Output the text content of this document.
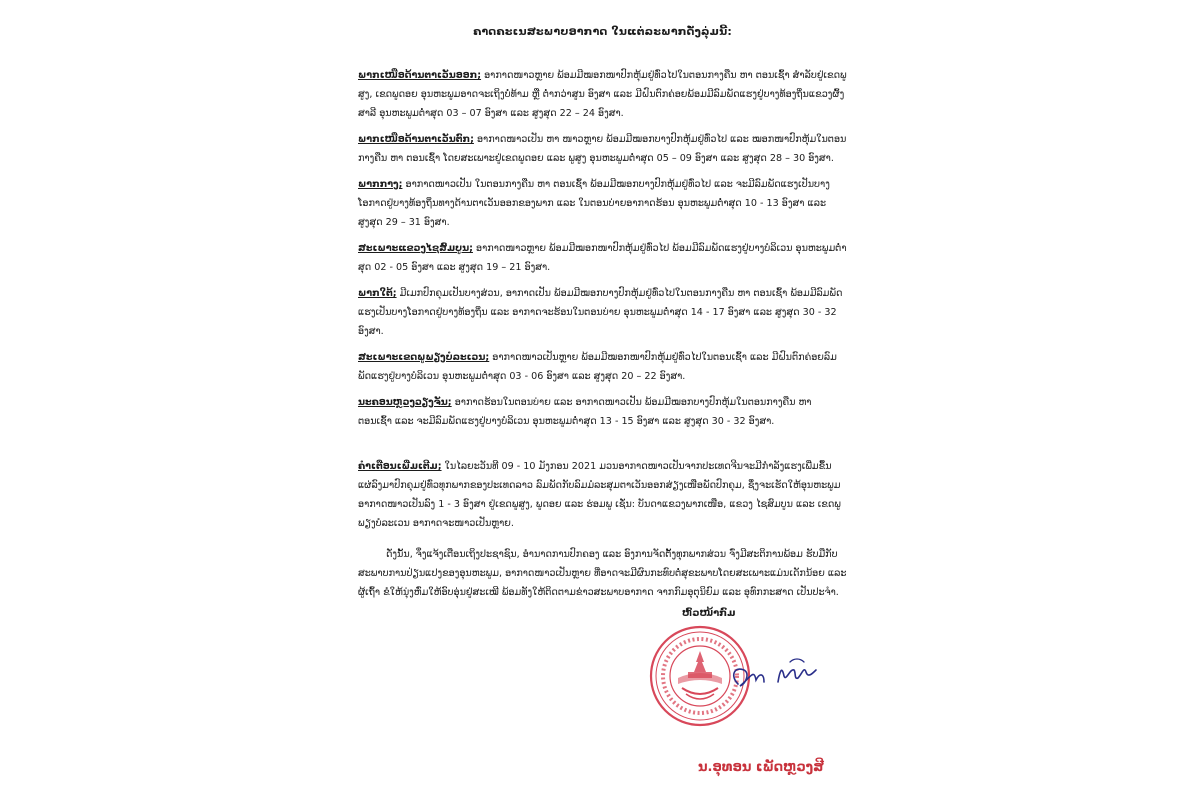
ຄາດຄະເນສະພາບອາກາດ ໃນແຕ່ລະພາກດັ່ງລຸ່ມນີ້:
ພາກເໜືອດ້ານຕາເວັນອອກ; ອາກາດໜາວຫຼາຍ ພ້ອມມີໝອກໜາປົກຫຸ້ມຢູ່ທົ່ວໄປໃນຕອນກາງຄືນ ຫາ ຕອນເຊົ້າ ສຳລັບຢູ່ເຂດພູສູງ, ເຂດພູດອຍ ອຸນຫະພູມອາດຈະເຖິງບໍ່ທ້າມ ຫຼື ຕໍ່າກວ່າສູນ ອົງສາ ແລະ ມີຝົນຕົກຄ່ອຍພ້ອມມີລົມພັດແຮງຢູ່ບາງທ້ອງຖິ່ນແຂວງຜົ້ງສາລີ ອຸນຫະພູມຕໍ່າສຸດ 03 – 07 ອົງສາ ແລະ ສູງສຸດ 22 – 24 ອົງສາ.
ພາກເໜືອດ້ານຕາເວັນຕົກ; ອາກາດໜາວເປັນ ຫາ ໜາວຫຼາຍ ພ້ອມມີໝອກບາງປົກຫຸ້ມຢູ່ທົ່ວໄປ ແລະ ໝອກໜາປົກຫຸ້ມໃນຕອນກາງຄືນ ຫາ ຕອນເຊົ້າ ໂດຍສະເພາະຢູ່ເຂດພູດອຍ ແລະ ພູສູງ ອຸນຫະພູມຕໍ່າສຸດ 05 – 09 ອົງສາ ແລະ ສູງສຸດ 28 – 30 ອົງສາ.
ພາກກາງ; ອາກາດໜາວເປັນ ໃນຕອນກາງຄືນ ຫາ ຕອນເຊົ້າ ພ້ອມມີໝອກບາງປົກຫຸ້ມຢູ່ທົ່ວໄປ ແລະ ຈະມີລົມພັດແຮງເປັນບາງໂອກາດຢູ່ບາງທ້ອງຖິ່ນທາງດ້ານຕາເວັນອອກຂອງພາກ ແລະ ໃນຕອນບ່າຍອາກາດຮ້ອນ ອຸນຫະພູມຕໍ່າສຸດ 10 - 13 ອົງສາ ແລະ ສູງສຸດ 29 – 31 ອົງສາ.
ສະເພາະແຂວງໄຊສົມບູນ; ອາກາດໜາວຫຼາຍ ພ້ອມມີໝອກໜາປົກຫຸ້ມຢູ່ທົ່ວໄປ ພ້ອມມີລົມພັດແຮງຢູ່ບາງບໍລິເວນ ອຸນຫະພູມຕໍ່າສຸດ 02 - 05 ອົງສາ ແລະ ສູງສຸດ 19 – 21 ອົງສາ.
ພາກໃຕ້; ມີເມກປົກຄຸມເປັນບາງສ່ວນ, ອາກາດເປັນ ພ້ອມມີໝອກບາງປົກຫຸ້ມຢູ່ທົ່ວໄປໃນຕອນກາງຄືນ ຫາ ຕອນເຊົ້າ ພ້ອມມີລົມພັດແຮງເປັນບາງໂອກາດຢູ່ບາງທ້ອງຖິ່ນ ແລະ ອາກາດຈະຮ້ອນໃນຕອນບ່າຍ ອຸນຫະພູມຕໍ່າສຸດ 14 - 17 ອົງສາ ແລະ ສູງສຸດ 30 - 32 ອົງສາ.
ສະເພາະເຂດພູພຽງບໍລະເວນ; ອາກາດໜາວເປັນຫຼາຍ ພ້ອມມີໝອກໜາປົກຫຸ້ມຢູ່ທົ່ວໄປໃນຕອນເຊົ້າ ແລະ ມີຝົນຕົກຄ່ອຍລົມພັດແຮງຢູ່ບາງບໍລິເວນ ອຸນຫະພູມຕໍ່າສຸດ 03 - 06 ອົງສາ ແລະ ສູງສຸດ 20 – 22 ອົງສາ.
ນະຄອນຫຼວງວຽງຈັນ; ອາກາດຮ້ອນໃນຕອນບ່າຍ ແລະ ອາກາດໜາວເປັນ ພ້ອມມີໝອກບາງປົກຫຸ້ມໃນຕອນກາງຄືນ ຫາ ຕອນເຊົ້າ ແລະ ຈະມີລົມພັດແຮງຢູ່ບາງບໍລິເວນ ອຸນຫະພູມຕໍ່າສຸດ 13 - 15 ອົງສາ ແລະ ສູງສຸດ 30 - 32 ອົງສາ.
ຄຳເຕືອນເພີ່ມເຕີມ; ໃນໄລຍະວັນທີ 09 - 10 ມັງກອນ 2021 ມວນອາກາດໜາວເປັນຈາກປະເທດຈີນຈະມີກຳລັງແຮງເພີ່ມຂຶ້ນ ແຜ່ລົງມາປົກຄຸມຢູ່ທົ່ວທຸກພາກຂອງປະເທດລາວ ລົມພັດກັບລົມມໍລະສຸມຕາເວັນອອກສ່ຽງເໜືອພັດປົກຄຸມ, ຊຶ່ງຈະເຮັດໃຫ້ອຸນຫະພູມອາກາດໜາວເປັນລົງ 1 - 3 ອົງສາ ຢູ່ເຂດພູສູງ, ພູດອຍ ແລະ ຮ່ອມພູ ເຊັ່ນ: ບັນດາແຂວງພາກເໜືອ, ແຂວງ ໄຊສົມບູນ ແລະ ເຂດພູພຽງບໍລະເວນ ອາກາດຈະໜາວເປັນຫຼາຍ.
ດັ່ງນັ້ນ, ຈຶ່ງແຈ້ງເຕືອນເຖິງປະຊາຊົນ, ອຳນາດການປົກຄອງ ແລະ ອົງການຈັດຕັ້ງທຸກພາກສ່ວນ ຈົ່ງມີສະຕິການພ້ອມ ຮັບມືກັບສະພາບການປ່ຽນແປງຂອງອຸນຫະພູມ, ອາກາດໜາວເປັນຫຼາຍ ທີ່ອາດຈະມີຜົນກະທົບຕໍ່ສຸຂະພາບໂດຍສະເພາະແມ່ນເດັກນ້ອຍ ແລະ ຜູ້ເຖົ້າ ຂໍໃຫ້ນຸ່ງຫົ່ມໃຫ້ອົບອຸ່ນຢູ່ສະເໝີ ພ້ອມທັງໃຫ້ຕິດຕາມຂ່າວສະພາບອາກາດ ຈາກກົມອຸຕຸນິຍົມ ແລະ ອຸທົກກະສາດ ເປັນປະຈຳ.
ຫົວໜ້າກົມ
ນ.ອຸທອນ ເພັດຫຼວງສີ
